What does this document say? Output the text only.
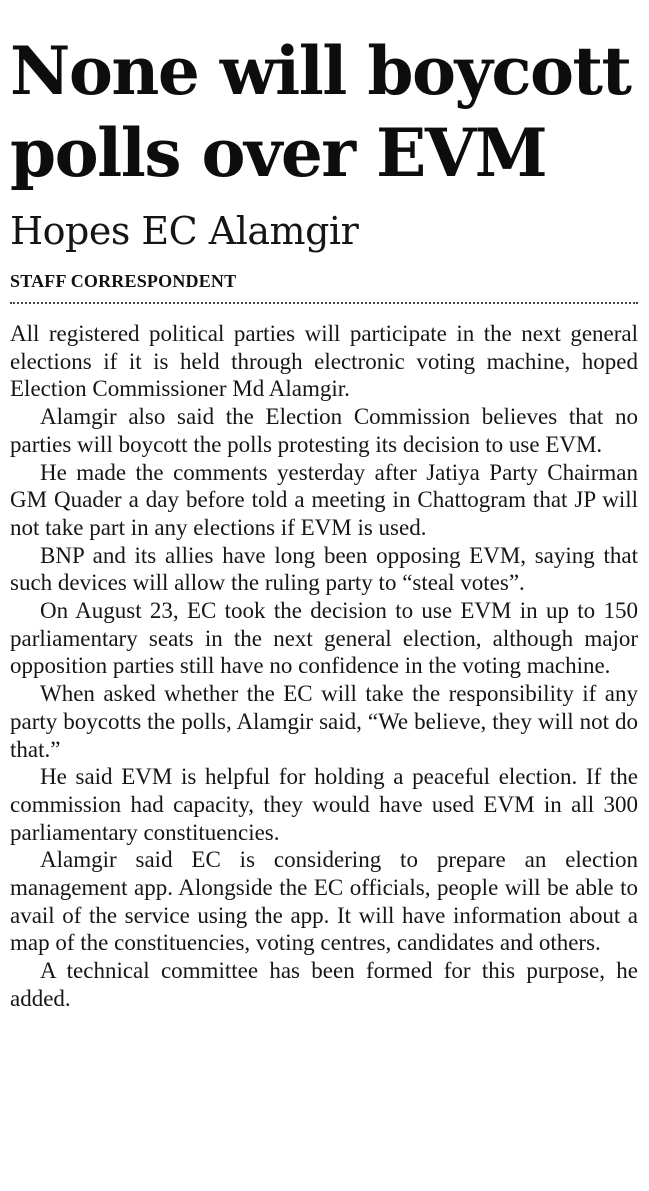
None will boycott polls over EVM
Hopes EC Alamgir
STAFF CORRESPONDENT

All registered political parties will participate in the next general elections if it is held through electronic voting machine, hoped Election Commissioner Md Alamgir.

Alamgir also said the Election Commission believes that no parties will boycott the polls protesting its decision to use EVM.

He made the comments yesterday after Jatiya Party Chairman GM Quader a day before told a meeting in Chattogram that JP will not take part in any elections if EVM is used.

BNP and its allies have long been opposing EVM, saying that such devices will allow the ruling party to “steal votes”.

On August 23, EC took the decision to use EVM in up to 150 parliamentary seats in the next general election, although major opposition parties still have no confidence in the voting machine.

When asked whether the EC will take the responsibility if any party boycotts the polls, Alamgir said, “We believe, they will not do that.”

He said EVM is helpful for holding a peaceful election. If the commission had capacity, they would have used EVM in all 300 parliamentary constituencies.

Alamgir said EC is considering to prepare an election management app. Alongside the EC officials, people will be able to avail of the service using the app. It will have information about a map of the constituencies, voting centres, candidates and others.

A technical committee has been formed for this purpose, he added.
